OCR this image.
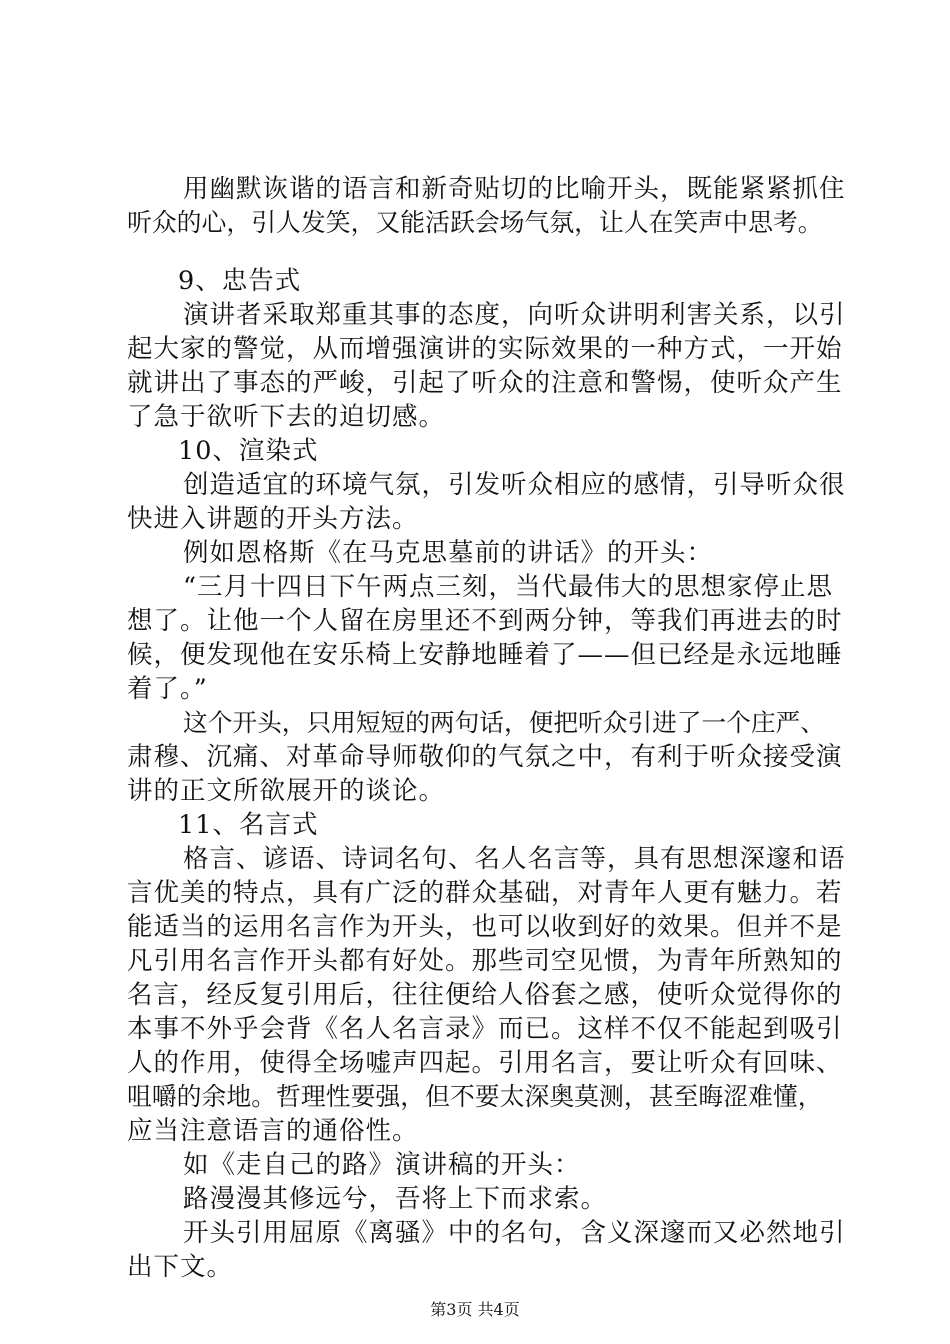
用幽默诙谐的语言和新奇贴切的比喻开头，既能紧紧抓住
听众的心，引人发笑，又能活跃会场气氛，让人在笑声中思考。
9、忠告式
演讲者采取郑重其事的态度，向听众讲明利害关系，以引
起大家的警觉，从而增强演讲的实际效果的一种方式，一开始
就讲出了事态的严峻，引起了听众的注意和警惕，使听众产生
了急于欲听下去的迫切感。
10、渲染式
创造适宜的环境气氛，引发听众相应的感情，引导听众很
快进入讲题的开头方法。
例如恩格斯《在马克思墓前的讲话》的开头：
“三月十四日下午两点三刻，当代最伟大的思想家停止思
想了。让他一个人留在房里还不到两分钟，等我们再进去的时
候，便发现他在安乐椅上安静地睡着了——但已经是永远地睡
着了。”
这个开头，只用短短的两句话，便把听众引进了一个庄严、
肃穆、沉痛、对革命导师敬仰的气氛之中，有利于听众接受演
讲的正文所欲展开的谈论。
11、名言式
格言、谚语、诗词名句、名人名言等，具有思想深邃和语
言优美的特点，具有广泛的群众基础，对青年人更有魅力。若
能适当的运用名言作为开头，也可以收到好的效果。但并不是
凡引用名言作开头都有好处。那些司空见惯，为青年所熟知的
名言，经反复引用后，往往便给人俗套之感，使听众觉得你的
本事不外乎会背《名人名言录》而已。这样不仅不能起到吸引
人的作用，使得全场嘘声四起。引用名言，要让听众有回味、
咀嚼的余地。哲理性要强，但不要太深奥莫测，甚至晦涩难懂，
应当注意语言的通俗性。
如《走自己的路》演讲稿的开头：
路漫漫其修远兮，吾将上下而求索。
开头引用屈原《离骚》中的名句，含义深邃而又必然地引
出下文。
第3页 共4页
